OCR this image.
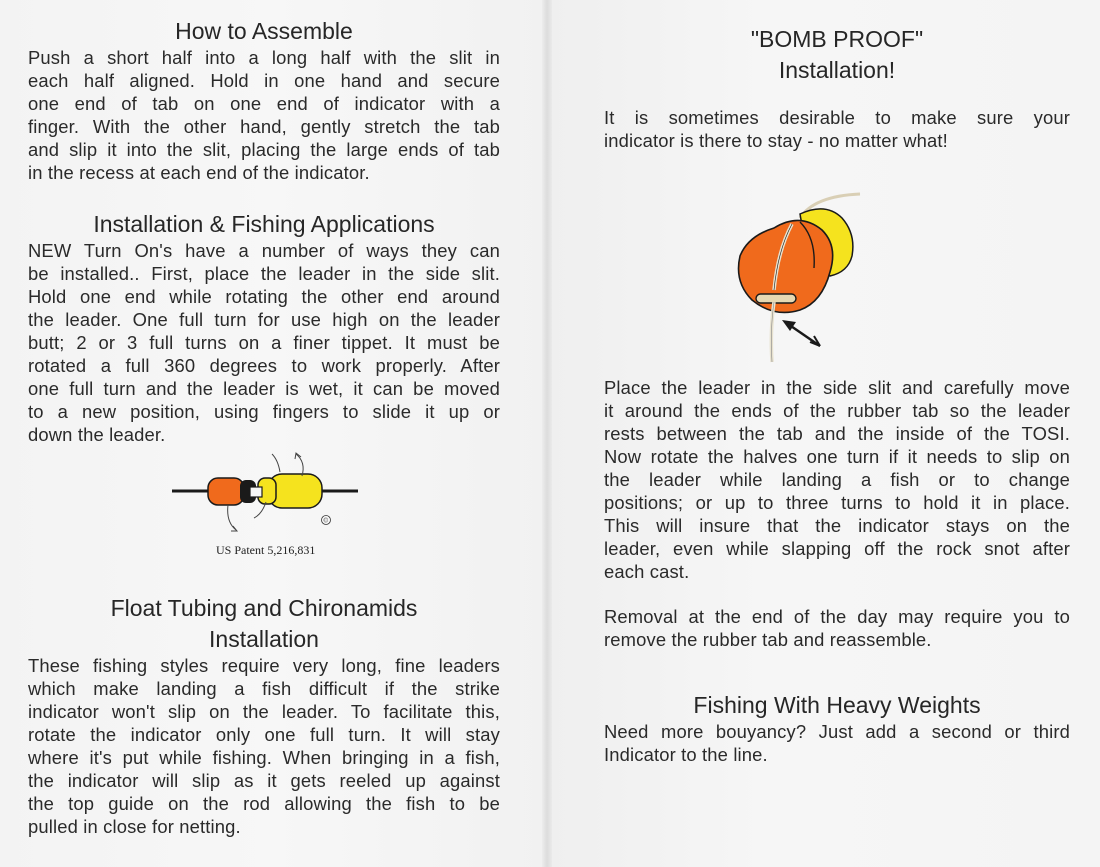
How to Assemble
Push a short half into a long half with the slit in
each half aligned. Hold in one hand and secure
one end of tab on one end of indicator with a
finger. With the other hand, gently stretch the tab
and slip it into the slit, placing the large ends of tab
in the recess at each end of the indicator.
Installation & Fishing Applications
NEW Turn On's have a number of ways they can
be installed.. First, place the leader in the side slit.
Hold one end while rotating the other end around
the leader. One full turn for use high on the leader
butt; 2 or 3 full turns on a finer tippet. It must be
rotated a full 360 degrees to work properly. After
one full turn and the leader is wet, it can be moved
to a new position, using fingers to slide it up or
down the leader.
©
US Patent 5,216,831
Float Tubing and Chironamids
Installation
These fishing styles require very long, fine leaders
which make landing a fish difficult if the strike
indicator won't slip on the leader. To facilitate this,
rotate the indicator only one full turn. It will stay
where it's put while fishing. When bringing in a fish,
the indicator will slip as it gets reeled up against
the top guide on the rod allowing the fish to be
pulled in close for netting.
"BOMB PROOF"
Installation!
It is sometimes desirable to make sure your
indicator is there to stay - no matter what!
Place the leader in the side slit and carefully move
it around the ends of the rubber tab so the leader
rests between the tab and the inside of the TOSI.
Now rotate the halves one turn if it needs to slip on
the leader while landing a fish or to change
positions; or up to three turns to hold it in place.
This will insure that the indicator stays on the
leader, even while slapping off the rock snot after
each cast.
Removal at the end of the day may require you to
remove the rubber tab and reassemble.
Fishing With Heavy Weights
Need more bouyancy? Just add a second or third
Indicator to the line.
